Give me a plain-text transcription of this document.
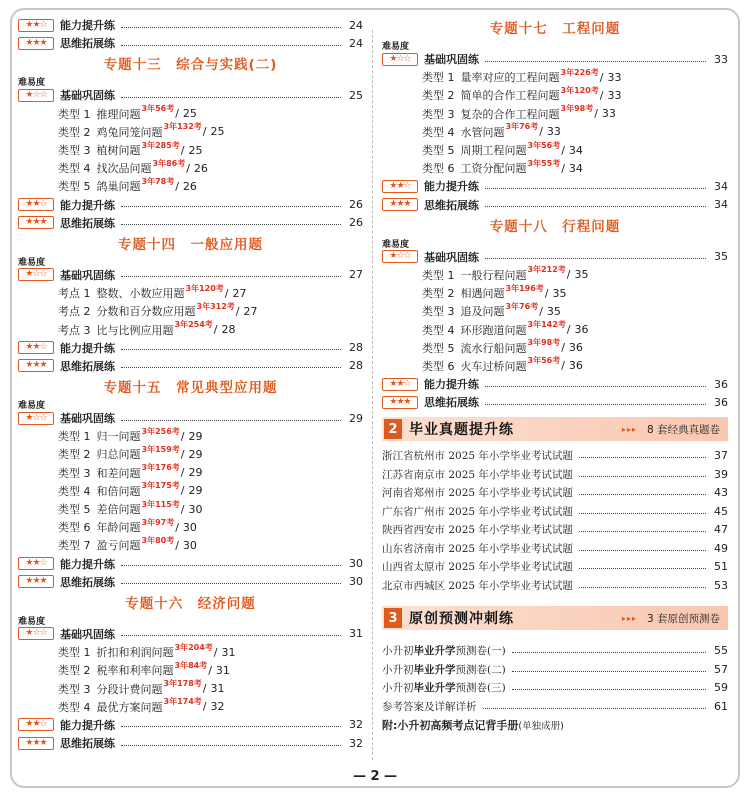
★★☆	能力提升练	24
★★★	思维拓展练	24
专题十三　综合与实践(二)
难易度
★☆☆	基础巩固练	25
类型 1 推理问题 3年56考 / 25
类型 2 鸡兔同笼问题 3年132考 / 25
类型 3 植树问题 3年285考 / 25
类型 4 找次品问题 3年86考 / 26
类型 5 鸽巢问题 3年78考 / 26
★★☆	能力提升练	26
★★★	思维拓展练	26
专题十四　一般应用题
难易度
★☆☆	基础巩固练	27
考点 1 整数、小数应用题 3年120考 / 27
考点 2 分数和百分数应用题 3年312考 / 27
考点 3 比与比例应用题 3年254考 / 28
★★☆	能力提升练	28
★★★	思维拓展练	28
专题十五　常见典型应用题
难易度
★☆☆	基础巩固练	29
类型 1 归一问题 3年256考 / 29
类型 2 归总问题 3年159考 / 29
类型 3 和差问题 3年176考 / 29
类型 4 和倍问题 3年175考 / 29
类型 5 差倍问题 3年115考 / 30
类型 6 年龄问题 3年97考 / 30
类型 7 盈亏问题 3年80考 / 30
★★☆	能力提升练	30
★★★	思维拓展练	30
专题十六　经济问题
难易度
★☆☆	基础巩固练	31
类型 1 折扣和利润问题 3年204考 / 31
类型 2 税率和利率问题 3年84考 / 31
类型 3 分段计费问题 3年178考 / 31
类型 4 最优方案问题 3年174考 / 32
★★☆	能力提升练	32
★★★	思维拓展练	32
专题十七　工程问题
难易度
★☆☆	基础巩固练	33
类型 1 量率对应的工程问题 3年226考 / 33
类型 2 简单的合作工程问题 3年120考 / 33
类型 3 复杂的合作工程问题 3年98考 / 33
类型 4 水管问题 3年76考 / 33
类型 5 周期工程问题 3年56考 / 34
类型 6 工资分配问题 3年55考 / 34
★★☆	能力提升练	34
★★★	思维拓展练	34
专题十八　行程问题
难易度
★☆☆	基础巩固练	35
类型 1 一般行程问题 3年212考 / 35
类型 2 相遇问题 3年196考 / 35
类型 3 追及问题 3年76考 / 35
类型 4 环形跑道问题 3年142考 / 36
类型 5 流水行船问题 3年98考 / 36
类型 6 火车过桥问题 3年56考 / 36
★★☆	能力提升练	36
★★★	思维拓展练	36
2 毕业真题提升练	▸▸▸ 8 套经典真题卷
浙江省杭州市 2025 年小学毕业考试试题	37
江苏省南京市 2025 年小学毕业考试试题	39
河南省郑州市 2025 年小学毕业考试试题	43
广东省广州市 2025 年小学毕业考试试题	45
陕西省西安市 2025 年小学毕业考试试题	47
山东省济南市 2025 年小学毕业考试试题	49
山西省太原市 2025 年小学毕业考试试题	51
北京市西城区 2025 年小学毕业考试试题	53
3 原创预测冲刺练	▸▸▸ 3 套原创预测卷
小升初 毕业升学 预测卷(一)	55
小升初 毕业升学 预测卷(二)	57
小升初 毕业升学 预测卷(三)	59
参考答案及详解详析	61
附:小升初高频考点记背手册(单独成册)
— 2 —
